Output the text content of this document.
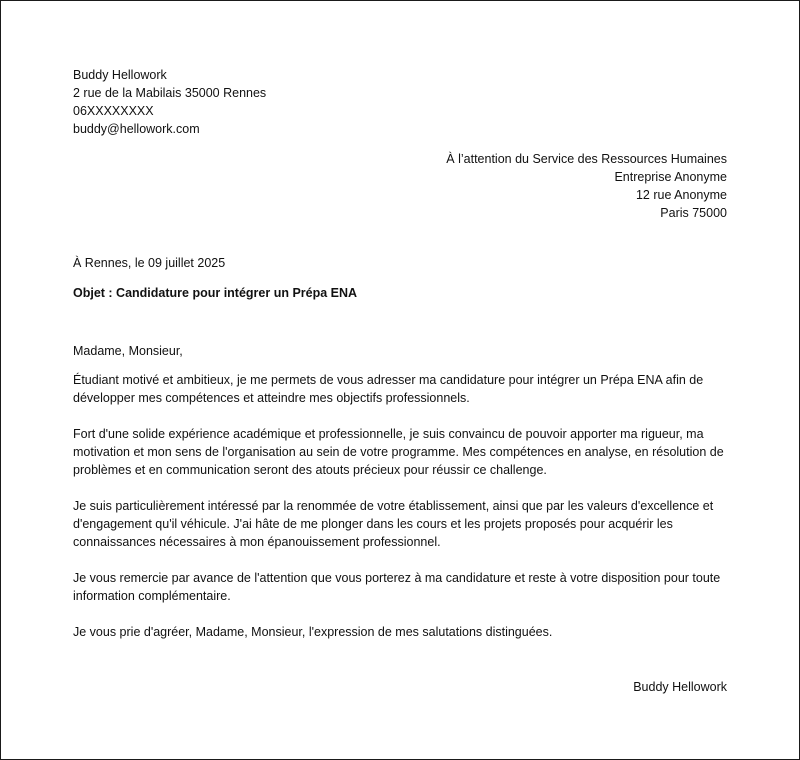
Buddy Hellowork
2 rue de la Mabilais 35000 Rennes
06XXXXXXXX
buddy@hellowork.com
À l’attention du Service des Ressources Humaines
Entreprise Anonyme
12 rue Anonyme
Paris 75000
À Rennes, le 09 juillet 2025
Objet : Candidature pour intégrer un Prépa ENA

Madame, Monsieur,

Étudiant motivé et ambitieux, je me permets de vous adresser ma candidature pour intégrer un Prépa ENA afin de développer mes compétences et atteindre mes objectifs professionnels.

Fort d'une solide expérience académique et professionnelle, je suis convaincu de pouvoir apporter ma rigueur, ma motivation et mon sens de l'organisation au sein de votre programme. Mes compétences en analyse, en résolution de problèmes et en communication seront des atouts précieux pour réussir ce challenge.

Je suis particulièrement intéressé par la renommée de votre établissement, ainsi que par les valeurs d'excellence et d'engagement qu'il véhicule. J'ai hâte de me plonger dans les cours et les projets proposés pour acquérir les connaissances nécessaires à mon épanouissement professionnel.

Je vous remercie par avance de l'attention que vous porterez à ma candidature et reste à votre disposition pour toute information complémentaire.

Je vous prie d'agréer, Madame, Monsieur, l'expression de mes salutations distinguées.

Buddy Hellowork
